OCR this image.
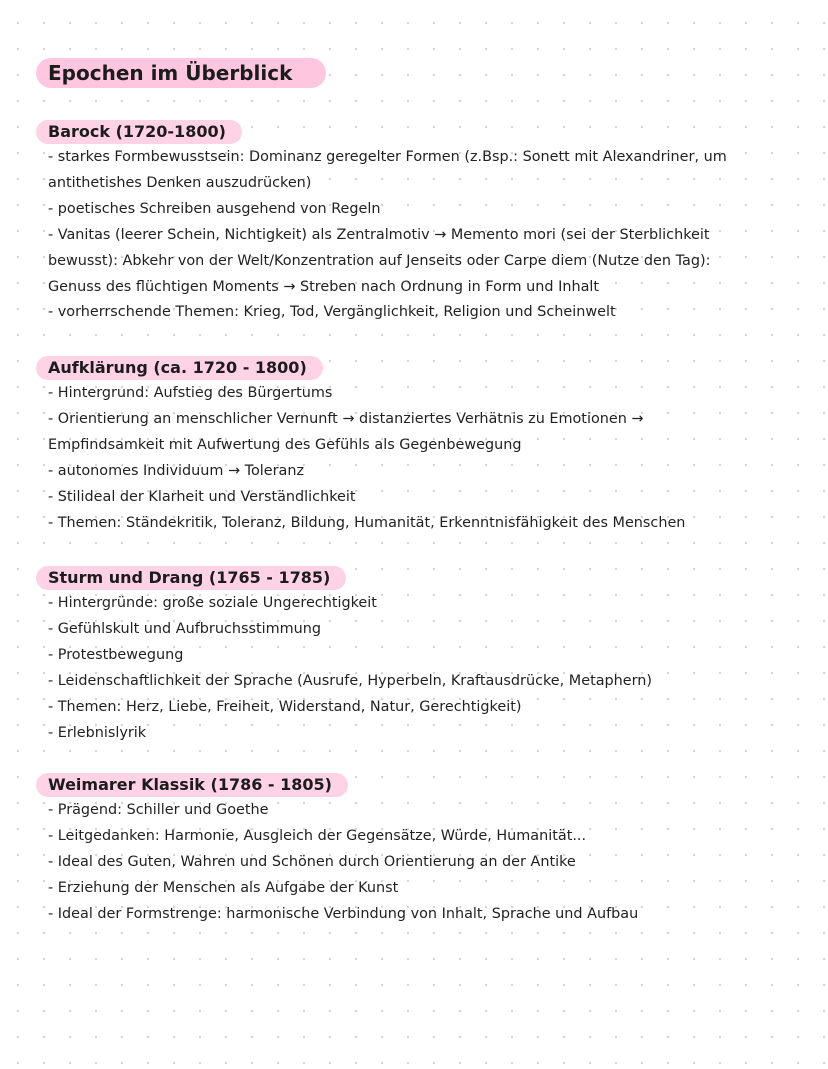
Epochen im Überblick
Barock (1720-1800)
- starkes Formbewusstsein: Dominanz geregelter Formen (z.Bsp.: Sonett mit Alexandriner, um
antithetishes Denken auszudrücken)
- poetisches Schreiben ausgehend von Regeln
- Vanitas (leerer Schein, Nichtigkeit) als Zentralmotiv → Memento mori (sei der Sterblichkeit
bewusst): Abkehr von der Welt/Konzentration auf Jenseits oder Carpe diem (Nutze den Tag):
Genuss des flüchtigen Moments → Streben nach Ordnung in Form und Inhalt
- vorherrschende Themen: Krieg, Tod, Vergänglichkeit, Religion und Scheinwelt
Aufklärung (ca. 1720 - 1800)
- Hintergrund: Aufstieg des Bürgertums
- Orientierung an menschlicher Vernunft → distanziertes Verhätnis zu Emotionen →
Empfindsamkeit mit Aufwertung des Gefühls als Gegenbewegung
- autonomes Individuum → Toleranz
- Stilideal der Klarheit und Verständlichkeit
- Themen: Ständekritik, Toleranz, Bildung, Humanität, Erkenntnisfähigkeit des Menschen
Sturm und Drang (1765 - 1785)
- Hintergründe: große soziale Ungerechtigkeit
- Gefühlskult und Aufbruchsstimmung
- Protestbewegung
- Leidenschaftlichkeit der Sprache (Ausrufe, Hyperbeln, Kraftausdrücke, Metaphern)
- Themen: Herz, Liebe, Freiheit, Widerstand, Natur, Gerechtigkeit)
- Erlebnislyrik
Weimarer Klassik (1786 - 1805)
- Prägend: Schiller und Goethe
- Leitgedanken: Harmonie, Ausgleich der Gegensätze, Würde, Humanität...
- Ideal des Guten, Wahren und Schönen durch Orientierung an der Antike
- Erziehung der Menschen als Aufgabe der Kunst
- Ideal der Formstrenge: harmonische Verbindung von Inhalt, Sprache und Aufbau
